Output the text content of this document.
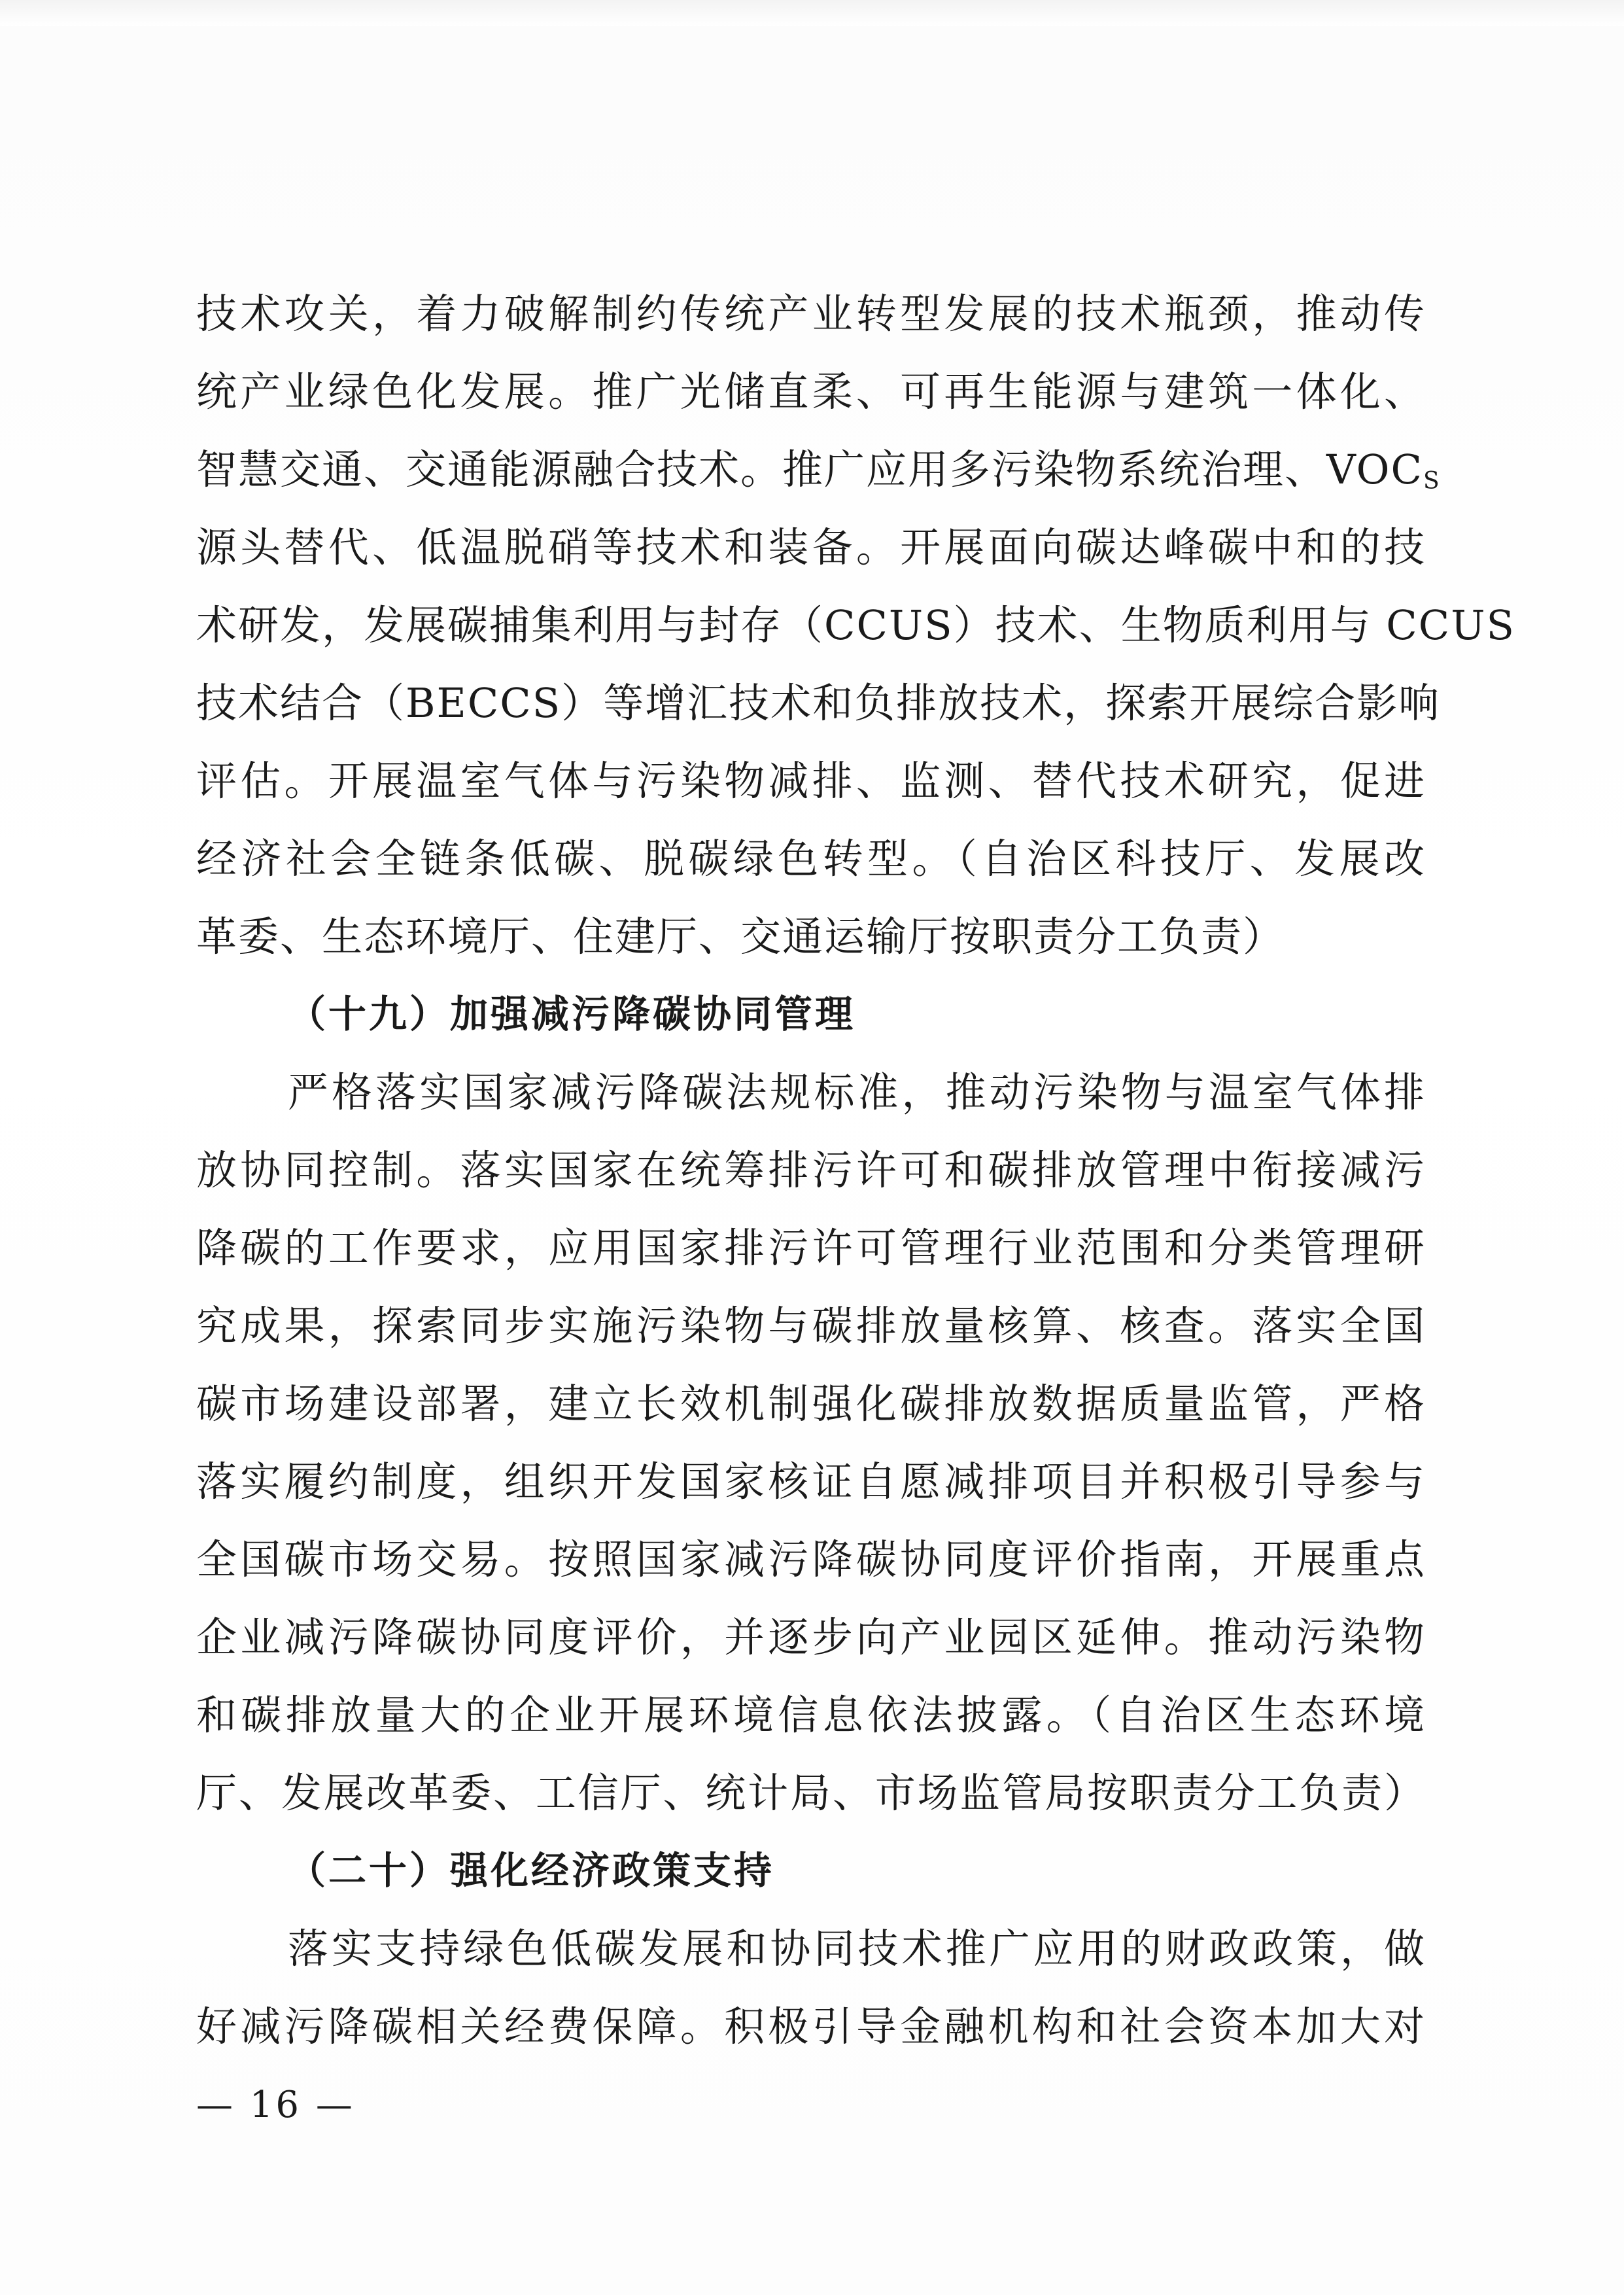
技术攻关，着力破解制约传统产业转型发展的技术瓶颈，推动传
统产业绿色化发展。推广光储直柔、可再生能源与建筑一体化、
智慧交通、交通能源融合技术。推广应用多污染物系统治理、$VOC_S$
源头替代、低温脱硝等技术和装备。开展面向碳达峰碳中和的技
术研发，发展碳捕集利用与封存（CCUS）技术、生物质利用与 CCUS
技术结合（BECCS）等增汇技术和负排放技术，探索开展综合影响
评估。开展温室气体与污染物减排、监测、替代技术研究，促进
经济社会全链条低碳、脱碳绿色转型。（自治区科技厅、发展改
革委、生态环境厅、住建厅、交通运输厅按职责分工负责）
（十九）加强减污降碳协同管理
严格落实国家减污降碳法规标准，推动污染物与温室气体排
放协同控制。落实国家在统筹排污许可和碳排放管理中衔接减污
降碳的工作要求，应用国家排污许可管理行业范围和分类管理研
究成果，探索同步实施污染物与碳排放量核算、核查。落实全国
碳市场建设部署，建立长效机制强化碳排放数据质量监管，严格
落实履约制度，组织开发国家核证自愿减排项目并积极引导参与
全国碳市场交易。按照国家减污降碳协同度评价指南，开展重点
企业减污降碳协同度评价，并逐步向产业园区延伸。推动污染物
和碳排放量大的企业开展环境信息依法披露。（自治区生态环境
厅、发展改革委、工信厅、统计局、市场监管局按职责分工负责）
（二十）强化经济政策支持
落实支持绿色低碳发展和协同技术推广应用的财政政策，做
好减污降碳相关经费保障。积极引导金融机构和社会资本加大对
— 16 —
